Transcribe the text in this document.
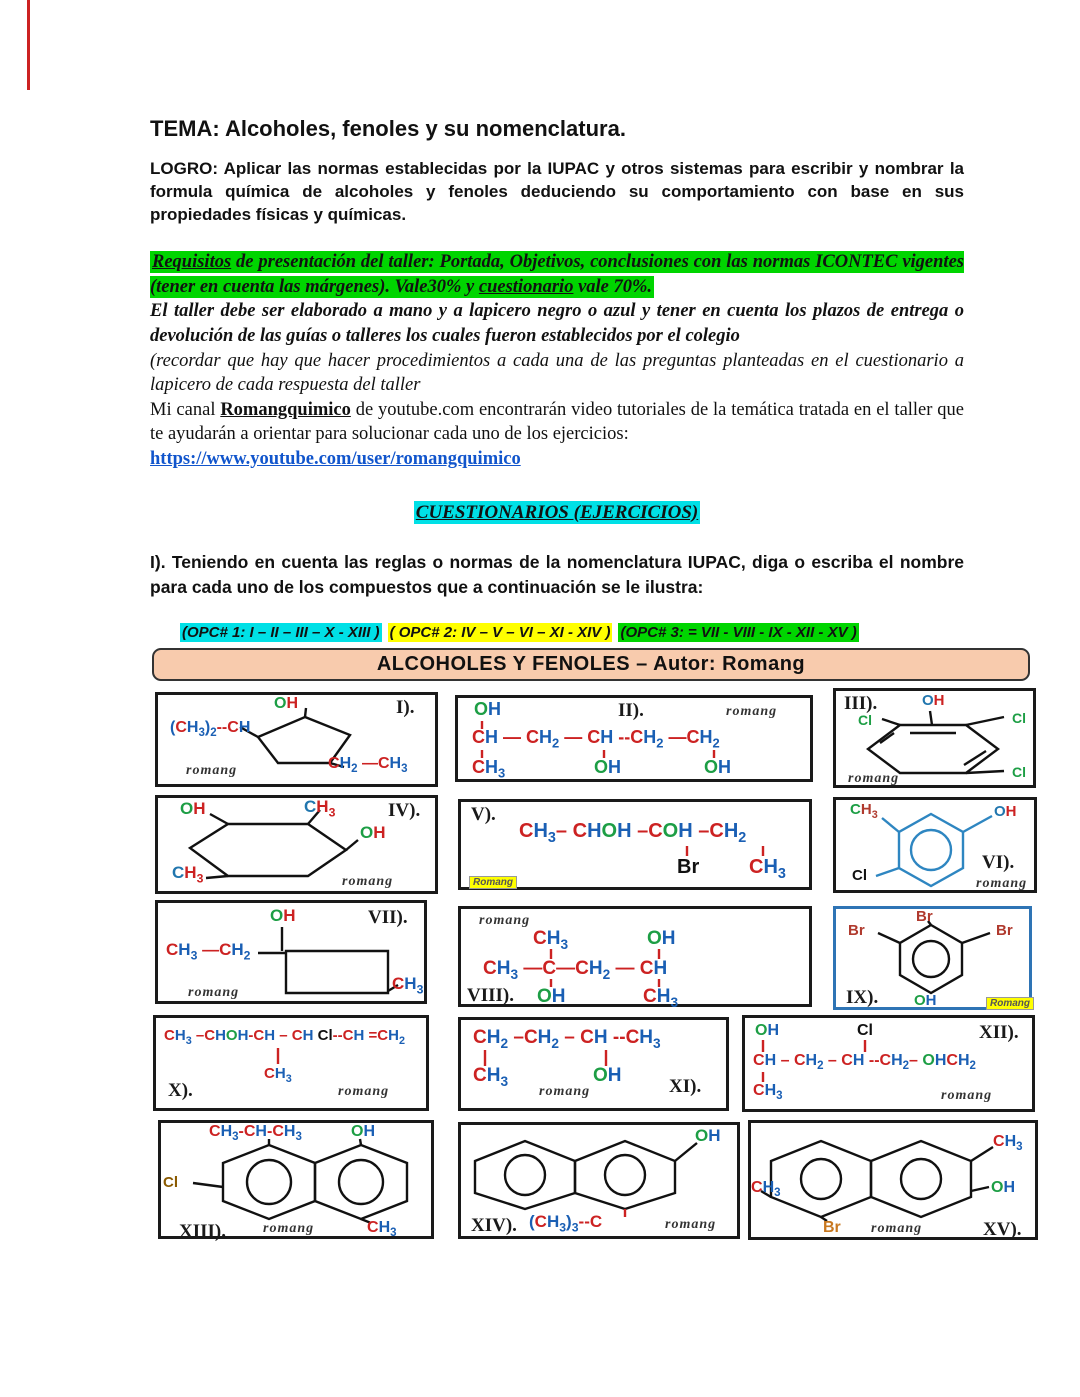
TEMA: Alcoholes, fenoles y su nomenclatura.

LOGRO: Aplicar las normas establecidas por la IUPAC y otros sistemas para escribir y nombrar la formula química de alcoholes y fenoles deduciendo su comportamiento con base en sus propiedades físicas y químicas.

Requisitos de presentación del taller: Portada, Objetivos, conclusiones con las normas ICONTEC vigentes (tener en cuenta las márgenes). Vale30% y cuestionario vale 70%.

El taller debe ser elaborado a mano y a lapicero negro o azul y tener en cuenta los plazos de entrega o devolución de las guías o talleres los cuales fueron establecidos por el colegio

(recordar que hay que hacer procedimientos a cada una de las preguntas planteadas en el cuestionario a lapicero de cada respuesta del taller

Mi canal Romangquimico de youtube.com encontrarán video tutoriales de la temática tratada en el taller que te ayudarán a orientar para solucionar cada uno de los ejercicios:

https://www.youtube.com/user/romangquimico

CUESTIONARIOS (EJERCICIOS)

I). Teniendo en cuenta las reglas o normas de la nomenclatura IUPAC, diga o escriba el nombre para cada uno de los compuestos que a continuación se le ilustra:

(OPC# 1: I – II – III – X - XIII ) ( OPC# 2: IV – V – VI – XI - XIV ) (OPC# 3: = VII - VIII - IX - XII - XV )

ALCOHOLES Y FENOLES – Autor: Romang
I).
$(CH_3)_2--CH$
OH
$CH_2$ $—CH_3$
romang
II).	romang
OH
CH — $CH_2$ — CH $--CH_2$ $—CH_2$
$CH_3$	OH	OH
III).	OH
Cl	Cl
Cl
romang
IV).
OH	$CH_3$
OH
$CH_3$	romang
V).
$CH_3-$ CHOH –COH $-CH_2$
Br $CH_3$
Romang
VI).
$CH_3$	OH
Cl	romang
VII).
OH
$CH_3$ $—CH_2$
$CH_3$
romang	VIII).
romang
$CH_3$	OH
$CH_3$ $—C—CH_2$ — CH
OH	$CH_3$	IX).
Br
Br	Br
OH	Romang
X).
$CH_3$ –CHOH-CH – CH $Cl--CH =CH_2$
$CH_3$
romang	XI).
$CH_2$ $-CH_2$ – CH $--CH_3$
$CH_3$	OH
romang
XII).
OH	Cl
CH – $CH_2$ – CH $--CH_2-$ $OHCH_2$
$CH_3$	romang
XIII).
$CH_3-CH-CH_3$	OH
Cl
$CH_3$
romang	XIV).
OH
$(CH_3)_3--C$	romang	XV).
$CH_3$
OH
$CH_3$
Br romang
